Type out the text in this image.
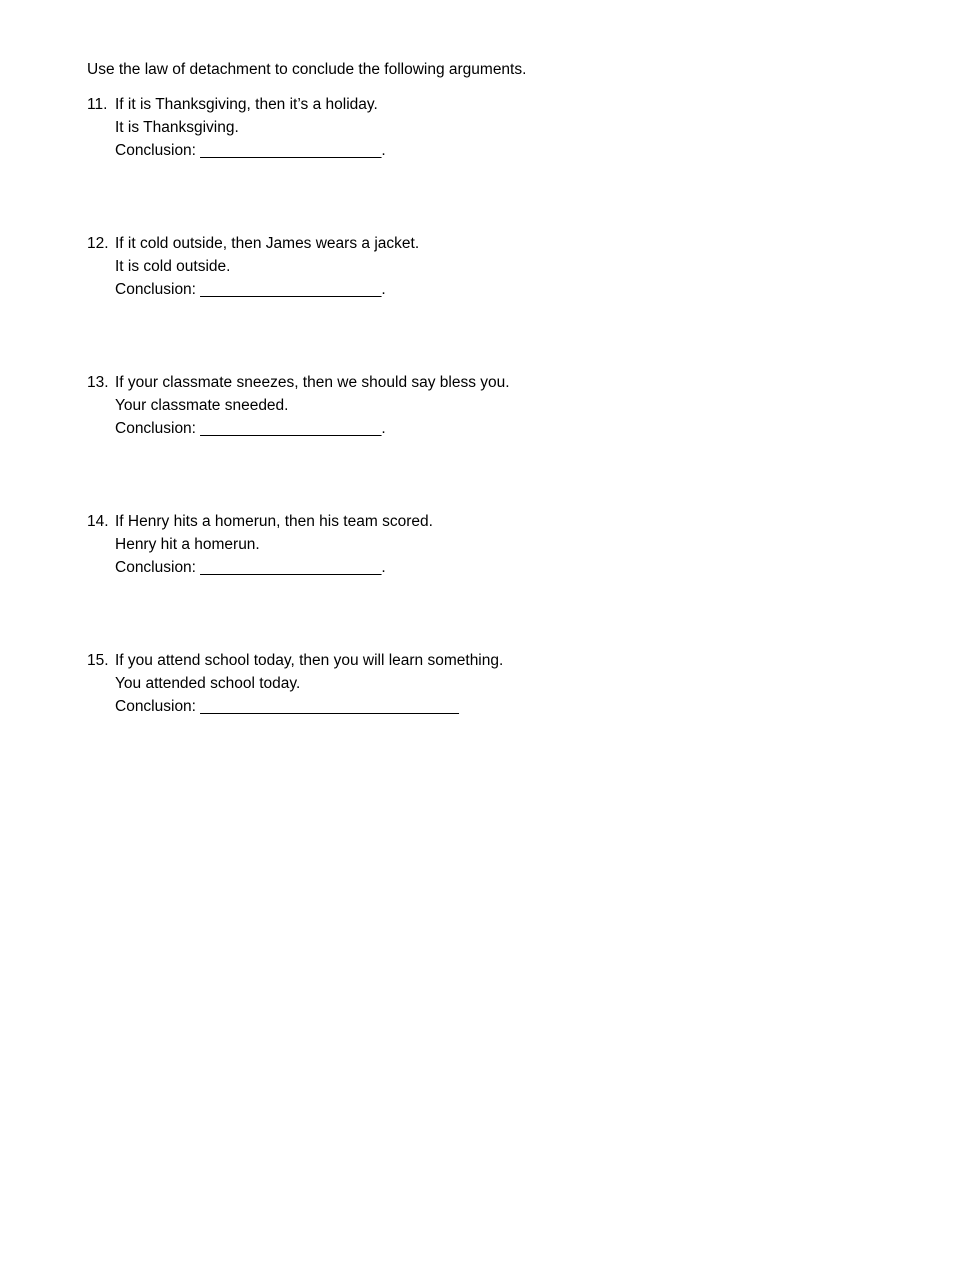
Use the law of detachment to conclude the following arguments.
11. If it is Thanksgiving, then it’s a holiday.
It is Thanksgiving.
Conclusion: _____________________.
12. If it cold outside, then James wears a jacket.
It is cold outside.
Conclusion: _____________________.
13. If your classmate sneezes, then we should say bless you.
Your classmate sneeded.
Conclusion: _____________________.
14. If Henry hits a homerun, then his team scored.
Henry hit a homerun.
Conclusion: _____________________.
15. If you attend school today, then you will learn something.
You attended school today.
Conclusion: ______________________________
